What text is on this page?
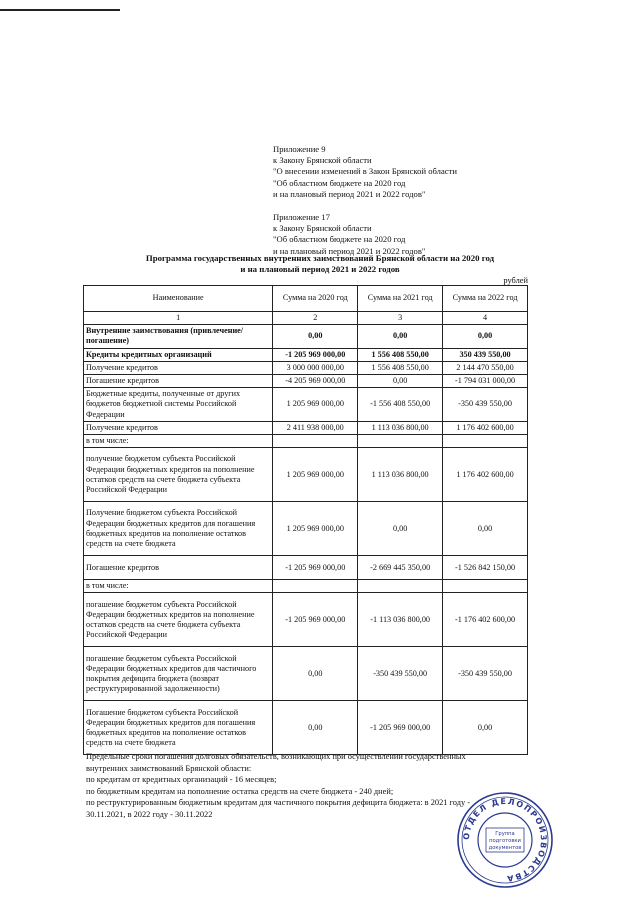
Приложение 9
к Закону Брянской области
"О внесении изменений в Закон Брянской области
"Об областном бюджете на 2020 год
и на плановый период 2021 и 2022 годов"
Приложение 17
к Закону Брянской области
"Об областном бюджете на 2020 год
и на плановый период 2021 и 2022 годов"
Программа государственных внутренних заимствований Брянской области на 2020 год
и на плановый период 2021 и 2022 годов
рублей
Наименование	Сумма на 2020 год	Сумма на 2021 год	Сумма на 2022 год
1	2	3	4
Внутренние заимствования (привлечение/погашение)	0,00	0,00	0,00
Кредиты кредитных организаций	-1 205 969 000,00	1 556 408 550,00	350 439 550,00
Получение кредитов	3 000 000 000,00	1 556 408 550,00	2 144 470 550,00
Погашение кредитов	-4 205 969 000,00	0,00	-1 794 031 000,00
Бюджетные кредиты, полученные от других бюджетов бюджетной системы Российской Федерации	1 205 969 000,00	-1 556 408 550,00	-350 439 550,00
Получение кредитов	2 411 938 000,00	1 113 036 800,00	1 176 402 600,00
в том числе:			
получение бюджетом субъекта Российской Федерации бюджетных кредитов на пополнение остатков средств на счете бюджета субъекта Российской Федерации	1 205 969 000,00	1 113 036 800,00	1 176 402 600,00
Получение бюджетом субъекта Российской Федерации бюджетных кредитов для погашения бюджетных кредитов на пополнение остатков средств на счете бюджета	1 205 969 000,00	0,00	0,00
Погашение кредитов	-1 205 969 000,00	-2 669 445 350,00	-1 526 842 150,00
в том числе:			
погашение бюджетом субъекта Российской Федерации бюджетных кредитов на пополнение остатков средств на счете бюджета субъекта Российской Федерации	-1 205 969 000,00	-1 113 036 800,00	-1 176 402 600,00
погашение бюджетом субъекта Российской Федерации бюджетных кредитов для частичного покрытия дефицита бюджета (возврат реструктурированной задолженности)	0,00	-350 439 550,00	-350 439 550,00
Погашение бюджетом субъекта Российской Федерации бюджетных кредитов для погашения бюджетных кредитов на пополнение остатков средств на счете бюджета	0,00	-1 205 969 000,00	0,00
Предельные сроки погашения долговых обязательств, возникающих при осуществлении государственных
внутренних заимствований Брянской области:
по кредитам от кредитных организаций - 16 месяцев;
по бюджетным кредитам на пополнение остатка средств на счете бюджета - 240 дней;
по реструктурированным бюджетным кредитам для частичного покрытия дефицита бюджета: в 2021 году -
30.11.2021, в 2022 году - 30.11.2022
ОТДЕЛ ДЕЛОПРОИЗВОДСТВА
Группа
подготовки
документов
